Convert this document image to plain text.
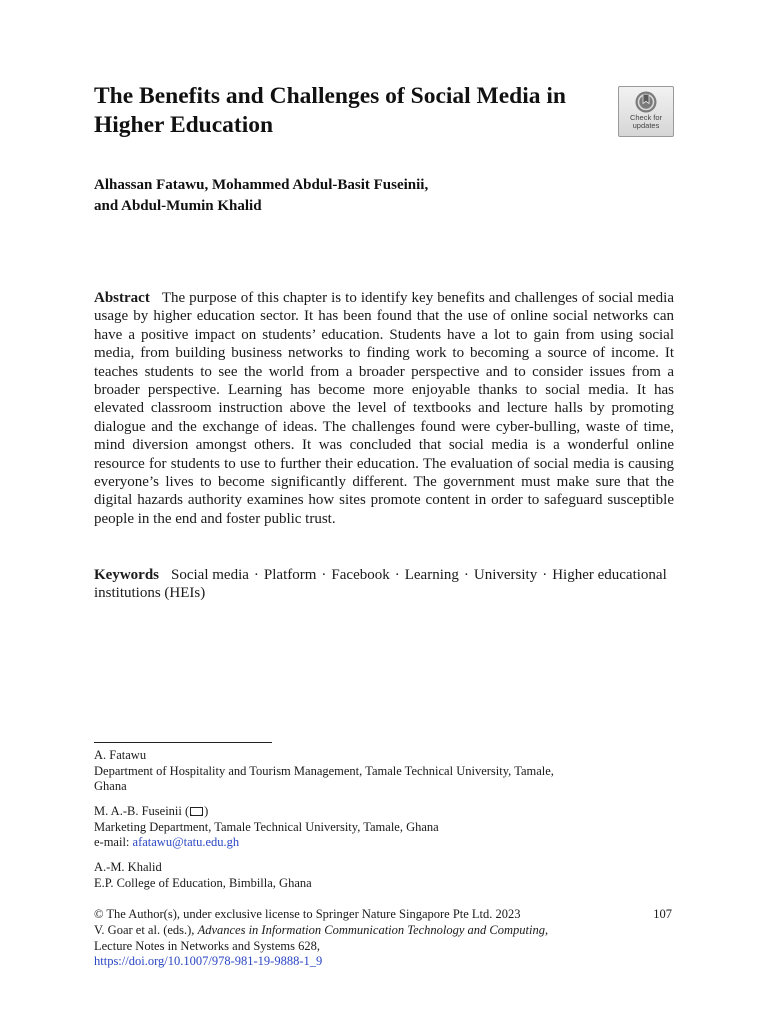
The Benefits and Challenges of Social Media in Higher Education	Check for
updates
Alhassan Fatawu, Mohammed Abdul-Basit Fuseinii,
and Abdul-Mumin Khalid

Abstract The purpose of this chapter is to identify key benefits and challenges of social media usage by higher education sector. It has been found that the use of online social networks can have a positive impact on students’ education. Students have a lot to gain from using social media, from building business networks to finding work to becoming a source of income. It teaches students to see the world from a broader perspective and to consider issues from a broader perspective. Learning has become more enjoyable thanks to social media. It has elevated classroom instruction above the level of textbooks and lecture halls by promoting dialogue and the exchange of ideas. The challenges found were cyber-bulling, waste of time, mind diversion amongst others. It was concluded that social media is a wonderful online resource for students to use to further their education. The evaluation of social media is causing everyone’s lives to become significantly different. The government must make sure that the digital hazards authority examines how sites promote content in order to safeguard susceptible people in the end and foster public trust.

Keywords Social media · Platform · Facebook · Learning · University · Higher educational institutions (HEIs)

A. Fatawu
Department of Hospitality and Tourism Management, Tamale Technical University, Tamale,
Ghana
M. A.-B. Fuseinii ( )
Marketing Department, Tamale Technical University, Tamale, Ghana
e-mail: afatawu@tatu.edu.gh
A.-M. Khalid
E.P. College of Education, Bimbilla, Ghana
© The Author(s), under exclusive license to Springer Nature Singapore Pte Ltd. 2023
V. Goar et al. (eds.), Advances in Information Communication Technology and Computing,
Lecture Notes in Networks and Systems 628,
https://doi.org/10.1007/978-981-19-9888-1_9
107
